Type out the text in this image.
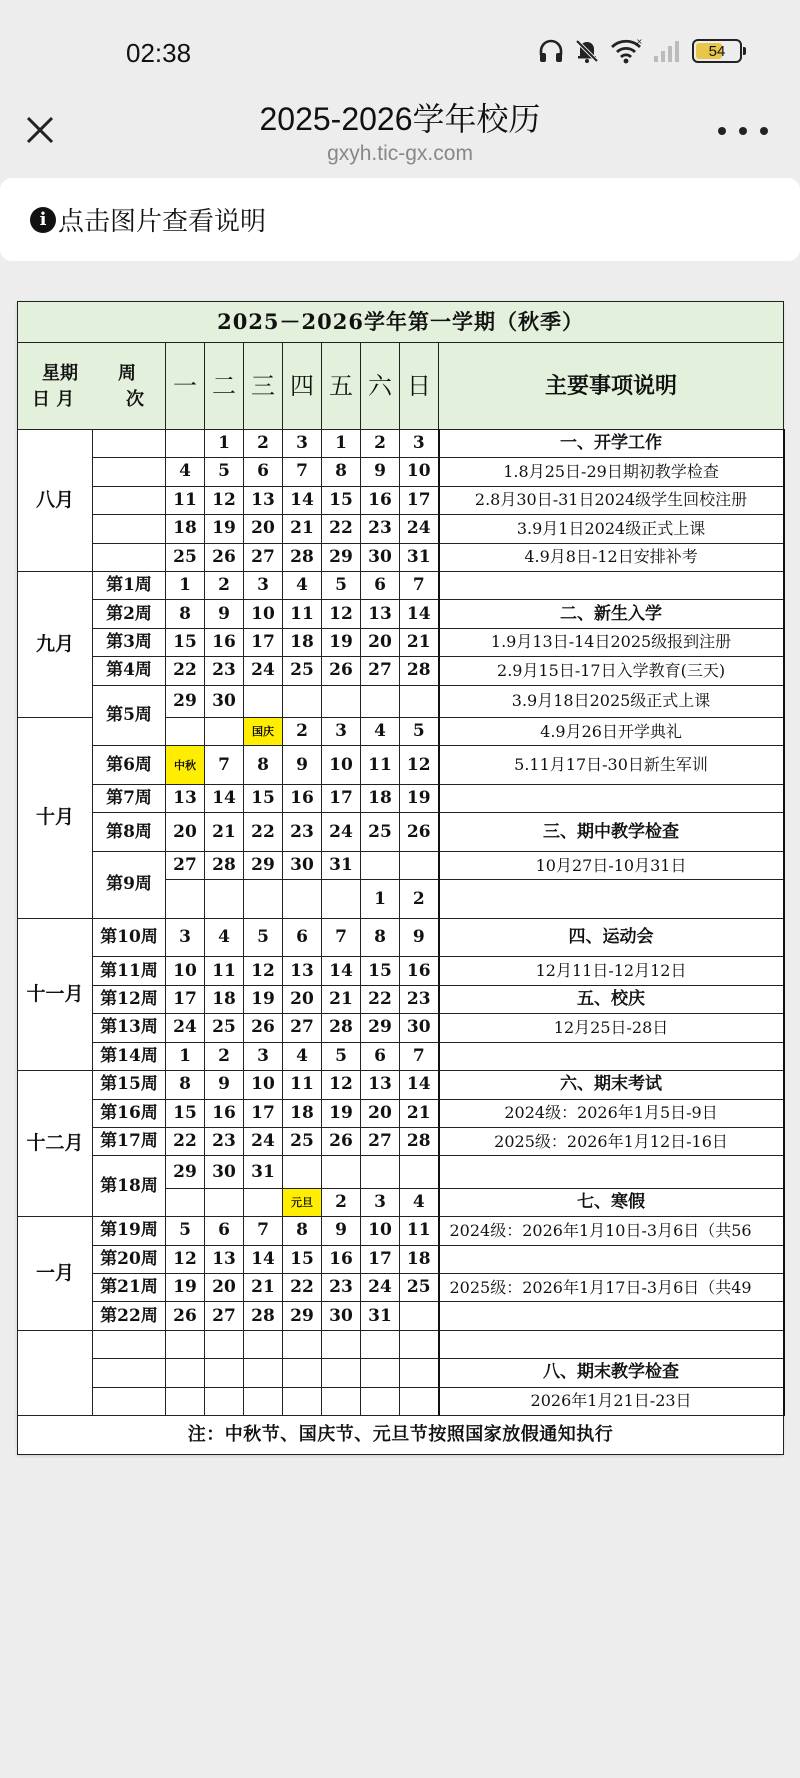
02:38	×
54
2025-2026学年校历
gxyh.tic-gx.com
i 点击图片查看说明
2025－2026学年第一学期（秋季）									

星期 周
日 月 次		一	二	三	四	五	六	日	主要事项说明
八月			1	2	3	1	2	3	一、开学工作
		4	5	6	7	8	9	10	1.8月25日-29日期初教学检查
		11	12	13	14	15	16	17	2.8月30日-31日2024级学生回校注册
		18	19	20	21	22	23	24	3.9月1日2024级正式上课
		25	26	27	28	29	30	31	4.9月8日-12日安排补考
九月	第1周	1	2	3	4	5	6	7	
	第2周	8	9	10	11	12	13	14	二、新生入学
	第3周	15	16	17	18	19	20	21	1.9月13日-14日2025级报到注册
	第4周	22	23	24	25	26	27	28	2.9月15日-17日入学教育(三天)
	第5周	29	30						3.9月18日2025级正式上课
十月				国庆	2	3	4	5	4.9月26日开学典礼
	第6周	中秋	7	8	9	10	11	12	5.11月17日-30日新生军训
	第7周	13	14	15	16	17	18	19	
	第8周	20	21	22	23	24	25	26	三、期中教学检查
	第9周	27	28	29	30	31			10月27日-10月31日
							1	2	
十一月	第10周	3	4	5	6	7	8	9	四、运动会
	第11周	10	11	12	13	14	15	16	12月11日-12月12日
	第12周	17	18	19	20	21	22	23	五、校庆
	第13周	24	25	26	27	28	29	30	12月25日-28日
	第14周	1	2	3	4	5	6	7	
十二月	第15周	8	9	10	11	12	13	14	六、期末考试
	第16周	15	16	17	18	19	20	21	2024级：2026年1月5日-9日
	第17周	22	23	24	25	26	27	28	2025级：2026年1月12日-16日
	第18周	29	30	31					
					元旦	2	3	4	七、寒假
一月	第19周	5	6	7	8	9	10	11	2024级：2026年1月10日-3月6日（共56
	第20周	12	13	14	15	16	17	18	
	第21周	19	20	21	22	23	24	25	2025级：2026年1月17日-3月6日（共49
	第22周	26	27	28	29	30	31		

									八、期末教学检查
									2026年1月21日-23日
注：中秋节、国庆节、元旦节按照国家放假通知执行									
